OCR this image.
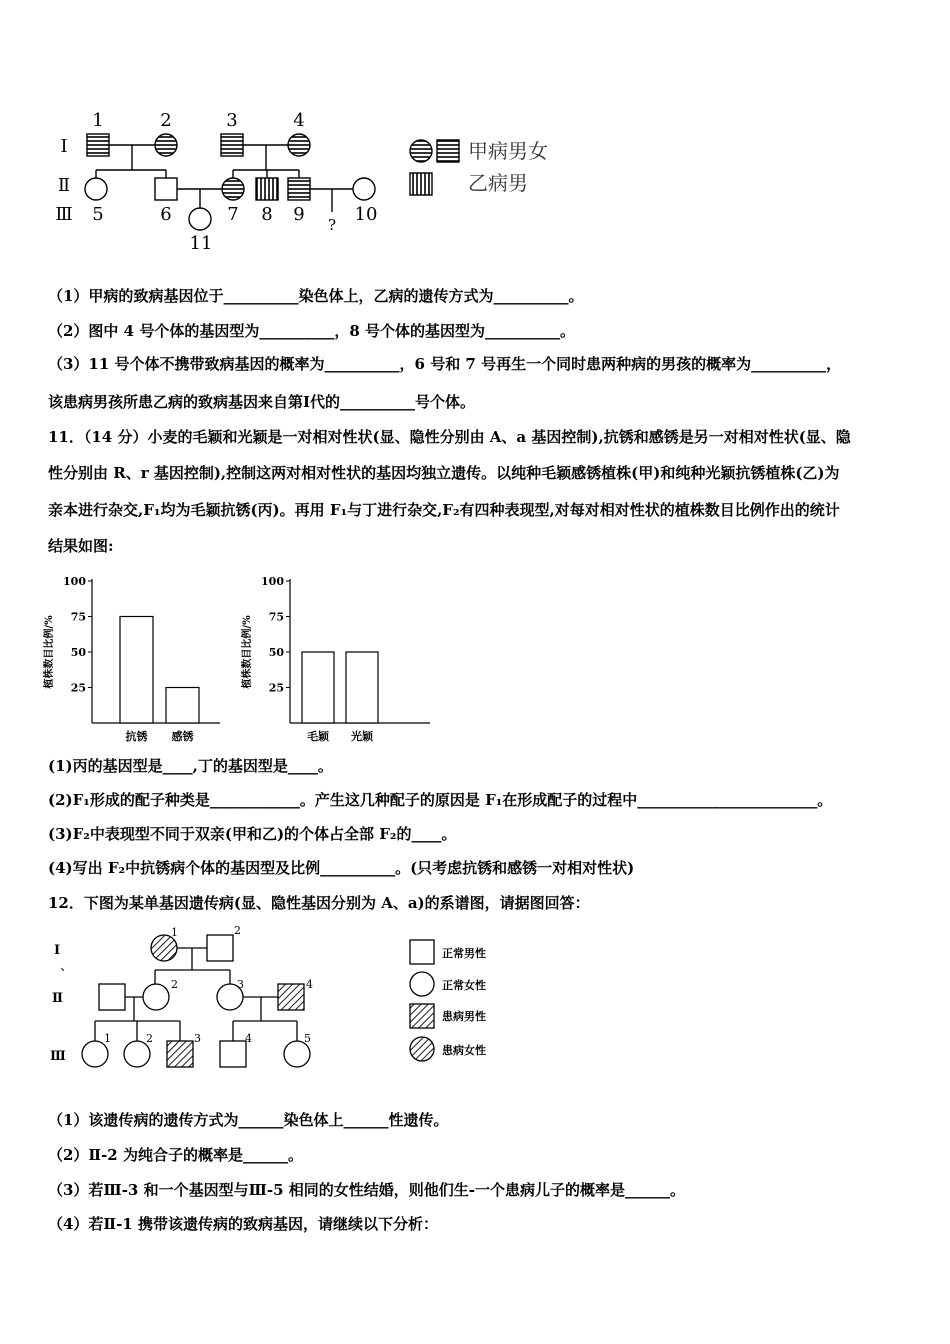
Ⅰ
Ⅱ
Ⅲ
1	2	3	4
5	6	7 8 9	10
11
?
甲病男女
乙病男
（1）甲病的致病基因位于__________染色体上，乙病的遗传方式为__________。
（2）图中 4 号个体的基因型为__________，8 号个体的基因型为__________。
（3）11 号个体不携带致病基因的概率为__________，6 号和 7 号再生一个同时患两种病的男孩的概率为__________，
该患病男孩所患乙病的致病基因来自第Ⅰ代的__________号个体。
11．（14 分）小麦的毛颖和光颖是一对相对性状(显、隐性分别由 A、a 基因控制),抗锈和感锈是另一对相对性状(显、隐
性分别由 R、r 基因控制),控制这两对相对性状的基因均独立遗传。以纯种毛颖感锈植株(甲)和纯种光颖抗锈植株(乙)为
亲本进行杂交,F₁均为毛颖抗锈(丙)。再用 F₁与丁进行杂交,F₂有四种表现型,对每对相对性状的植株数目比例作出的统计
结果如图:
25
50
75
100
植株数目比例/%
抗锈 感锈
25
50
75
100
植株数目比例/%
毛颖 光颖
(1)丙的基因型是____,丁的基因型是____。
(2)F₁形成的配子种类是____________。产生这几种配子的原因是 F₁在形成配子的过程中________________________。
(3)F₂中表现型不同于双亲(甲和乙)的个体占全部 F₂的____。
(4)写出 F₂中抗锈病个体的基因型及比例__________。(只考虑抗锈和感锈一对相对性状)
12．下图为某单基因遗传病(显、隐性基因分别为 A、a)的系谱图，请据图回答：
1	2
2	3	4
1	2	3	4	5
Ⅰ
、
Ⅱ
Ⅲ
正常男性
正常女性
患病男性
患病女性
（1）该遗传病的遗传方式为______染色体上______性遗传。
（2）Ⅱ-2 为纯合子的概率是______。
（3）若Ⅲ-3 和一个基因型与Ⅲ-5 相同的女性结婚，则他们生-一个患病儿子的概率是______。
（4）若Ⅱ-1 携带该遗传病的致病基因，请继续以下分析：
